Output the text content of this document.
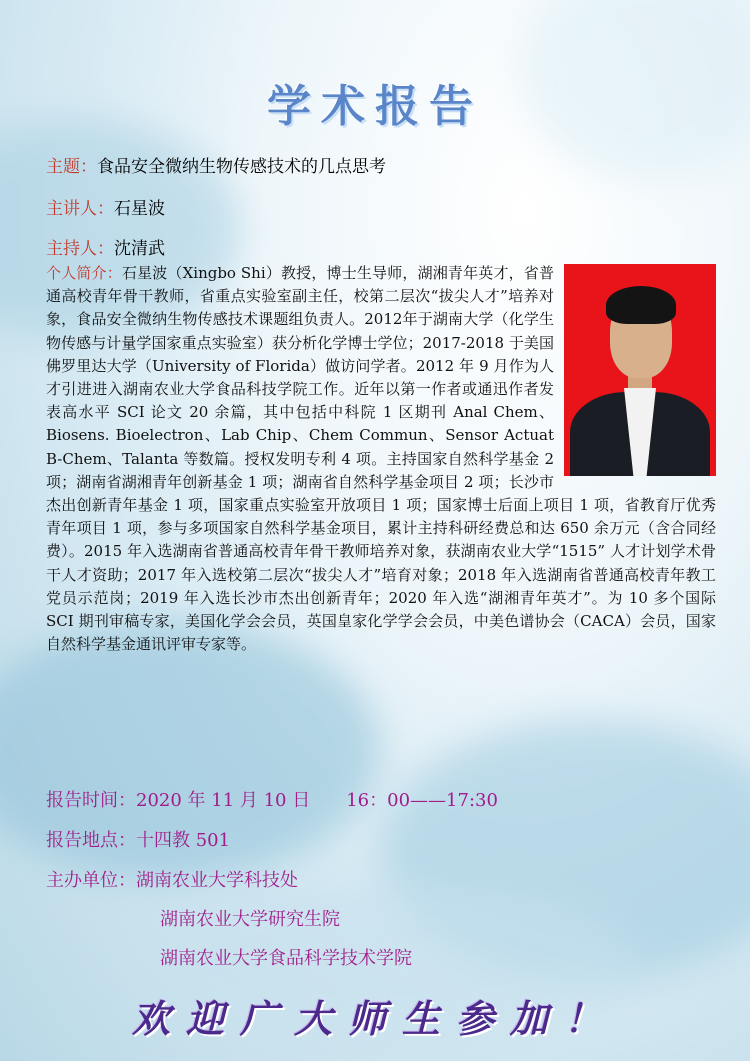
学术报告
主题：食品安全微纳生物传感技术的几点思考
主讲人：石星波
主持人：沈清武
个人简介：石星波（Xingbo Shi）教授，博士生导师，湖湘青年英才，省普通高校青年骨干教师，省重点实验室副主任，校第二层次“拔尖人才”培养对象，食品安全微纳生物传感技术课题组负责人。2012年于湖南大学（化学生物传感与计量学国家重点实验室）获分析化学博士学位；2017-2018 于美国佛罗里达大学（University of Florida）做访问学者。2012 年 9 月作为人才引进进入湖南农业大学食品科技学院工作。近年以第一作者或通迅作者发表高水平 SCI 论文 20 余篇，其中包括中科院 1 区期刊 Anal Chem、Biosens. Bioelectron、Lab Chip、Chem Commun、Sensor Actuat B-Chem、Talanta 等数篇。授权发明专利 4 项。主持国家自然科学基金 2 项；湖南省湖湘青年创新基金 1 项；湖南省自然科学基金项目 2 项；长沙市杰出创新青年基金 1 项，国家重点实验室开放项目 1 项；国家博士后面上项目 1 项，省教育厅优秀青年项目 1 项，参与多项国家自然科学基金项目，累计主持科研经费总和达 650 余万元（含合同经费）。2015 年入选湖南省普通高校青年骨干教师培养对象，获湖南农业大学“1515” 人才计划学术骨干人才资助；2017 年入选校第二层次“拔尖人才”培育对象；2018 年入选湖南省普通高校青年教工党员示范岗；2019 年入选长沙市杰出创新青年；2020 年入选“湖湘青年英才”。为 10 多个国际 SCI 期刊审稿专家，美国化学会会员，英国皇家化学学会会员，中美色谱协会（CACA）会员，国家自然科学基金通讯评审专家等。
报告时间：2020 年 11 月 10 日 16：00——17:30
报告地点：十四教 501
主办单位：湖南农业大学科技处
湖南农业大学研究生院
湖南农业大学食品科学技术学院
欢迎广大师生参加！
